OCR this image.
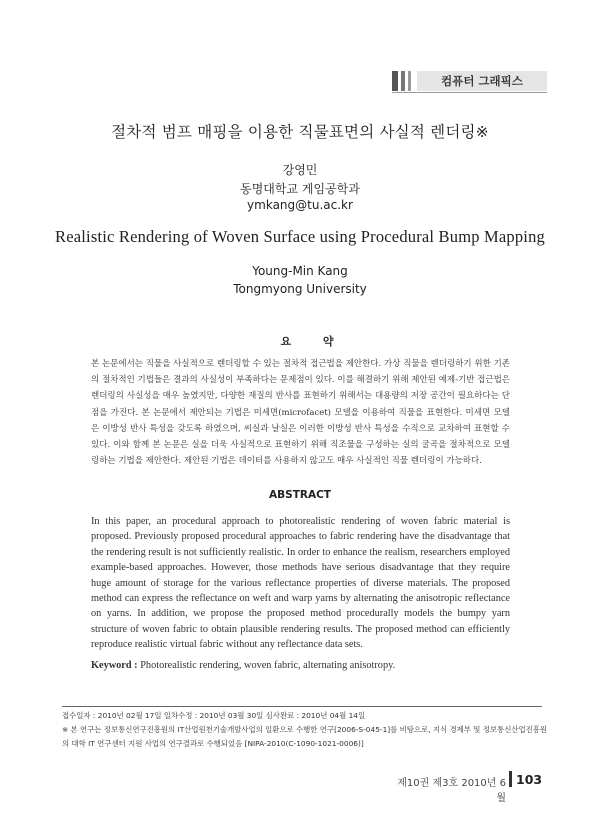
컴퓨터 그래픽스
절차적 범프 매핑을 이용한 직물표면의 사실적 렌더링※
강영민
동명대학교 게임공학과
ymkang@tu.ac.kr
Realistic Rendering of Woven Surface using Procedural Bump Mapping
Young-Min Kang
Tongmyong University
요 약
본 논문에서는 직물을 사실적으로 렌더링할 수 있는 절차적 접근법을 제안한다. 가상 직물을 렌더링하기 위한 기존의 절차적인 기법들은 결과의 사실성이 부족하다는 문제점이 있다. 이를 해결하기 위해 제안된 예제-기반 접근법은 렌더링의 사실성을 매우 높였지만, 다양한 재질의 반사를 표현하기 위해서는 대용량의 저장 공간이 필요하다는 단점을 가진다. 본 논문에서 제안되는 기법은 미세면(microfacet) 모델을 이용하여 직물을 표현한다. 미세면 모델은 이방성 반사 특성을 갖도록 하였으며, 씨실과 날실은 이러한 이방성 반사 특성을 수직으로 교차하여 표현할 수 있다. 이와 함께 본 논문은 실을 더욱 사실적으로 표현하기 위해 직조물을 구성하는 실의 굴곡을 절차적으로 모델링하는 기법을 제안한다. 제안된 기법은 데이터를 사용하지 않고도 매우 사실적인 직물 렌더링이 가능하다.
ABSTRACT
In this paper, an procedural approach to photorealistic rendering of woven fabric material is proposed. Previously proposed procedural approaches to fabric rendering have the disadvantage that the rendering result is not sufficiently realistic. In order to enhance the realism, researchers employed example-based approaches. However, those methods have serious disadvantage that they require huge amount of storage for the various reflectance properties of diverse materials. The proposed method can express the reflectance on weft and warp yarns by alternating the anisotropic reflectance on yarns. In addition, we propose the proposed method procedurally models the bumpy yarn structure of woven fabric to obtain plausible rendering results. The proposed method can efficiently reproduce realistic virtual fabric without any reflectance data sets.
Keyword : Photorealistic rendering, woven fabric, alternating anisotropy.
접수일자 : 2010년 02월 17일 일차수정 : 2010년 03월 30일 심사완료 : 2010년 04월 14일
※ 본 연구는 정보통신연구진흥원의 IT산업원천기술개발사업의 일환으로 수행한 연구[2006-S-045-1]를 비탕으로, 지식 경제부 및 정보통신산업진흥원의 대학 IT 연구센터 지원 사업의 연구결과로 수행되었음 [NIPA-2010(C-1090-1021-0006)]
제10권 제3호 2010년 6월
103
